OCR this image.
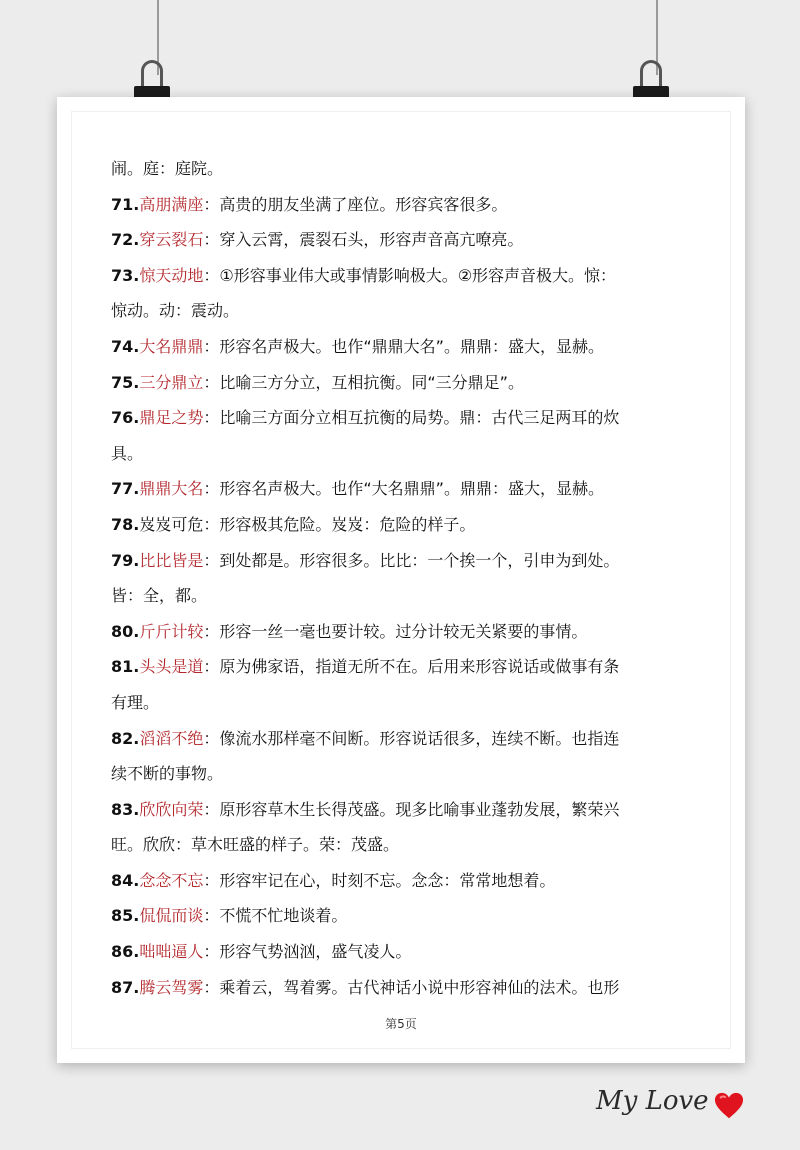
闹。庭：庭院。
71.高朋满座：高贵的朋友坐满了座位。形容宾客很多。
72.穿云裂石：穿入云霄，震裂石头，形容声音高亢嘹亮。
73.惊天动地：①形容事业伟大或事情影响极大。②形容声音极大。惊：
惊动。动：震动。
74.大名鼎鼎：形容名声极大。也作“鼎鼎大名”。鼎鼎：盛大，显赫。
75.三分鼎立：比喻三方分立，互相抗衡。同“三分鼎足”。
76.鼎足之势：比喻三方面分立相互抗衡的局势。鼎：古代三足两耳的炊
具。
77.鼎鼎大名：形容名声极大。也作“大名鼎鼎”。鼎鼎：盛大，显赫。
78.岌岌可危：形容极其危险。岌岌：危险的样子。
79.比比皆是：到处都是。形容很多。比比：一个挨一个，引申为到处。
皆：全，都。
80.斤斤计较：形容一丝一毫也要计较。过分计较无关紧要的事情。
81.头头是道：原为佛家语，指道无所不在。后用来形容说话或做事有条
有理。
82.滔滔不绝：像流水那样毫不间断。形容说话很多，连续不断。也指连
续不断的事物。
83.欣欣向荣：原形容草木生长得茂盛。现多比喻事业蓬勃发展，繁荣兴
旺。欣欣：草木旺盛的样子。荣：茂盛。
84.念念不忘：形容牢记在心，时刻不忘。念念：常常地想着。
85.侃侃而谈：不慌不忙地谈着。
86.咄咄逼人：形容气势汹汹，盛气凌人。
87.腾云驾雾：乘着云，驾着雾。古代神话小说中形容神仙的法术。也形
第5页
My Love
